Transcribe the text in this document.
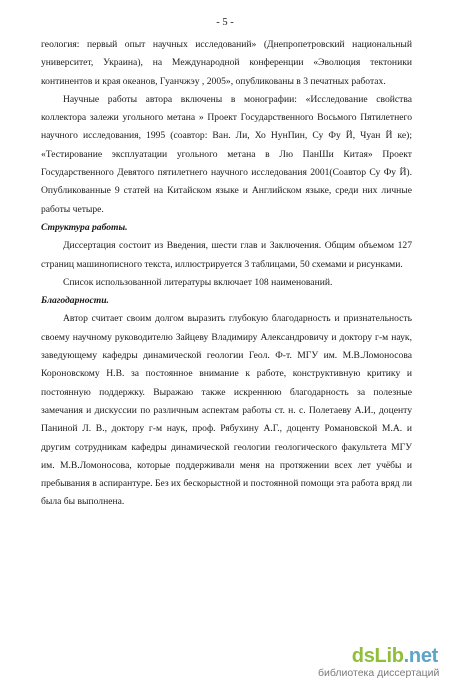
- 5 -

геология: первый опыт научных исследований» (Днепропетровский национальный университет, Украина), на Международной конференции «Эволюция тектоники континентов и края океанов, Гуанчжэу , 2005», опубликованы в 3 печатных работах.

Научные работы автора включены в монографии: «Исследование свойства коллектора залежи угольного метана » Проект Государственного Восьмого Пятилетнего научного исследования, 1995 (соавтор: Ван. Ли, Хо НунПин, Су Фу Й, Чуан Й ке); «Тестирование эксплуатации угольного метана в Лю ПанШи Китая» Проект Государственного Девятого пятилетнего научного исследования 2001(Соавтор Су Фу Й). Опубликованные 9 статей на Китайском языке и Английском языке, среди них личные работы четыре.

Структура работы.

Диссертация состоит из Введения, шести глав и Заключения. Общим объемом 127 страниц машинописного текста, иллюстрируется 3 таблицами, 50 схемами и рисунками.

Список использованной литературы включает 108 наименований.

Благодарности.

Автор считает своим долгом выразить глубокую благодарность и признательность своему научному руководителю Зайцеву Владимиру Александровичу и доктору г-м наук, заведующему кафедры динамической геологии Геол. Ф-т. МГУ им. М.В.Ломоносова Короновскому Н.В. за постоянное внимание к работе, конструктивную критику и постоянную поддержку. Выражаю также искреннюю благодарность за полезные замечания и дискуссии по различным аспектам работы ст. н. с. Полетаеву А.И., доценту Паниной Л. В., доктору г-м наук, проф. Рябухину А.Г., доценту Романовской М.А. и другим сотрудникам кафедры динамической геологии геологического факультета МГУ им. М.В.Ломоносова, которые поддерживали меня на протяжении всех лет учёбы и пребывания в аспирантуре. Без их бескорыстной и постоянной помощи эта работа вряд ли была бы выполнена.

dsLib.net
библиотека диссертаций
